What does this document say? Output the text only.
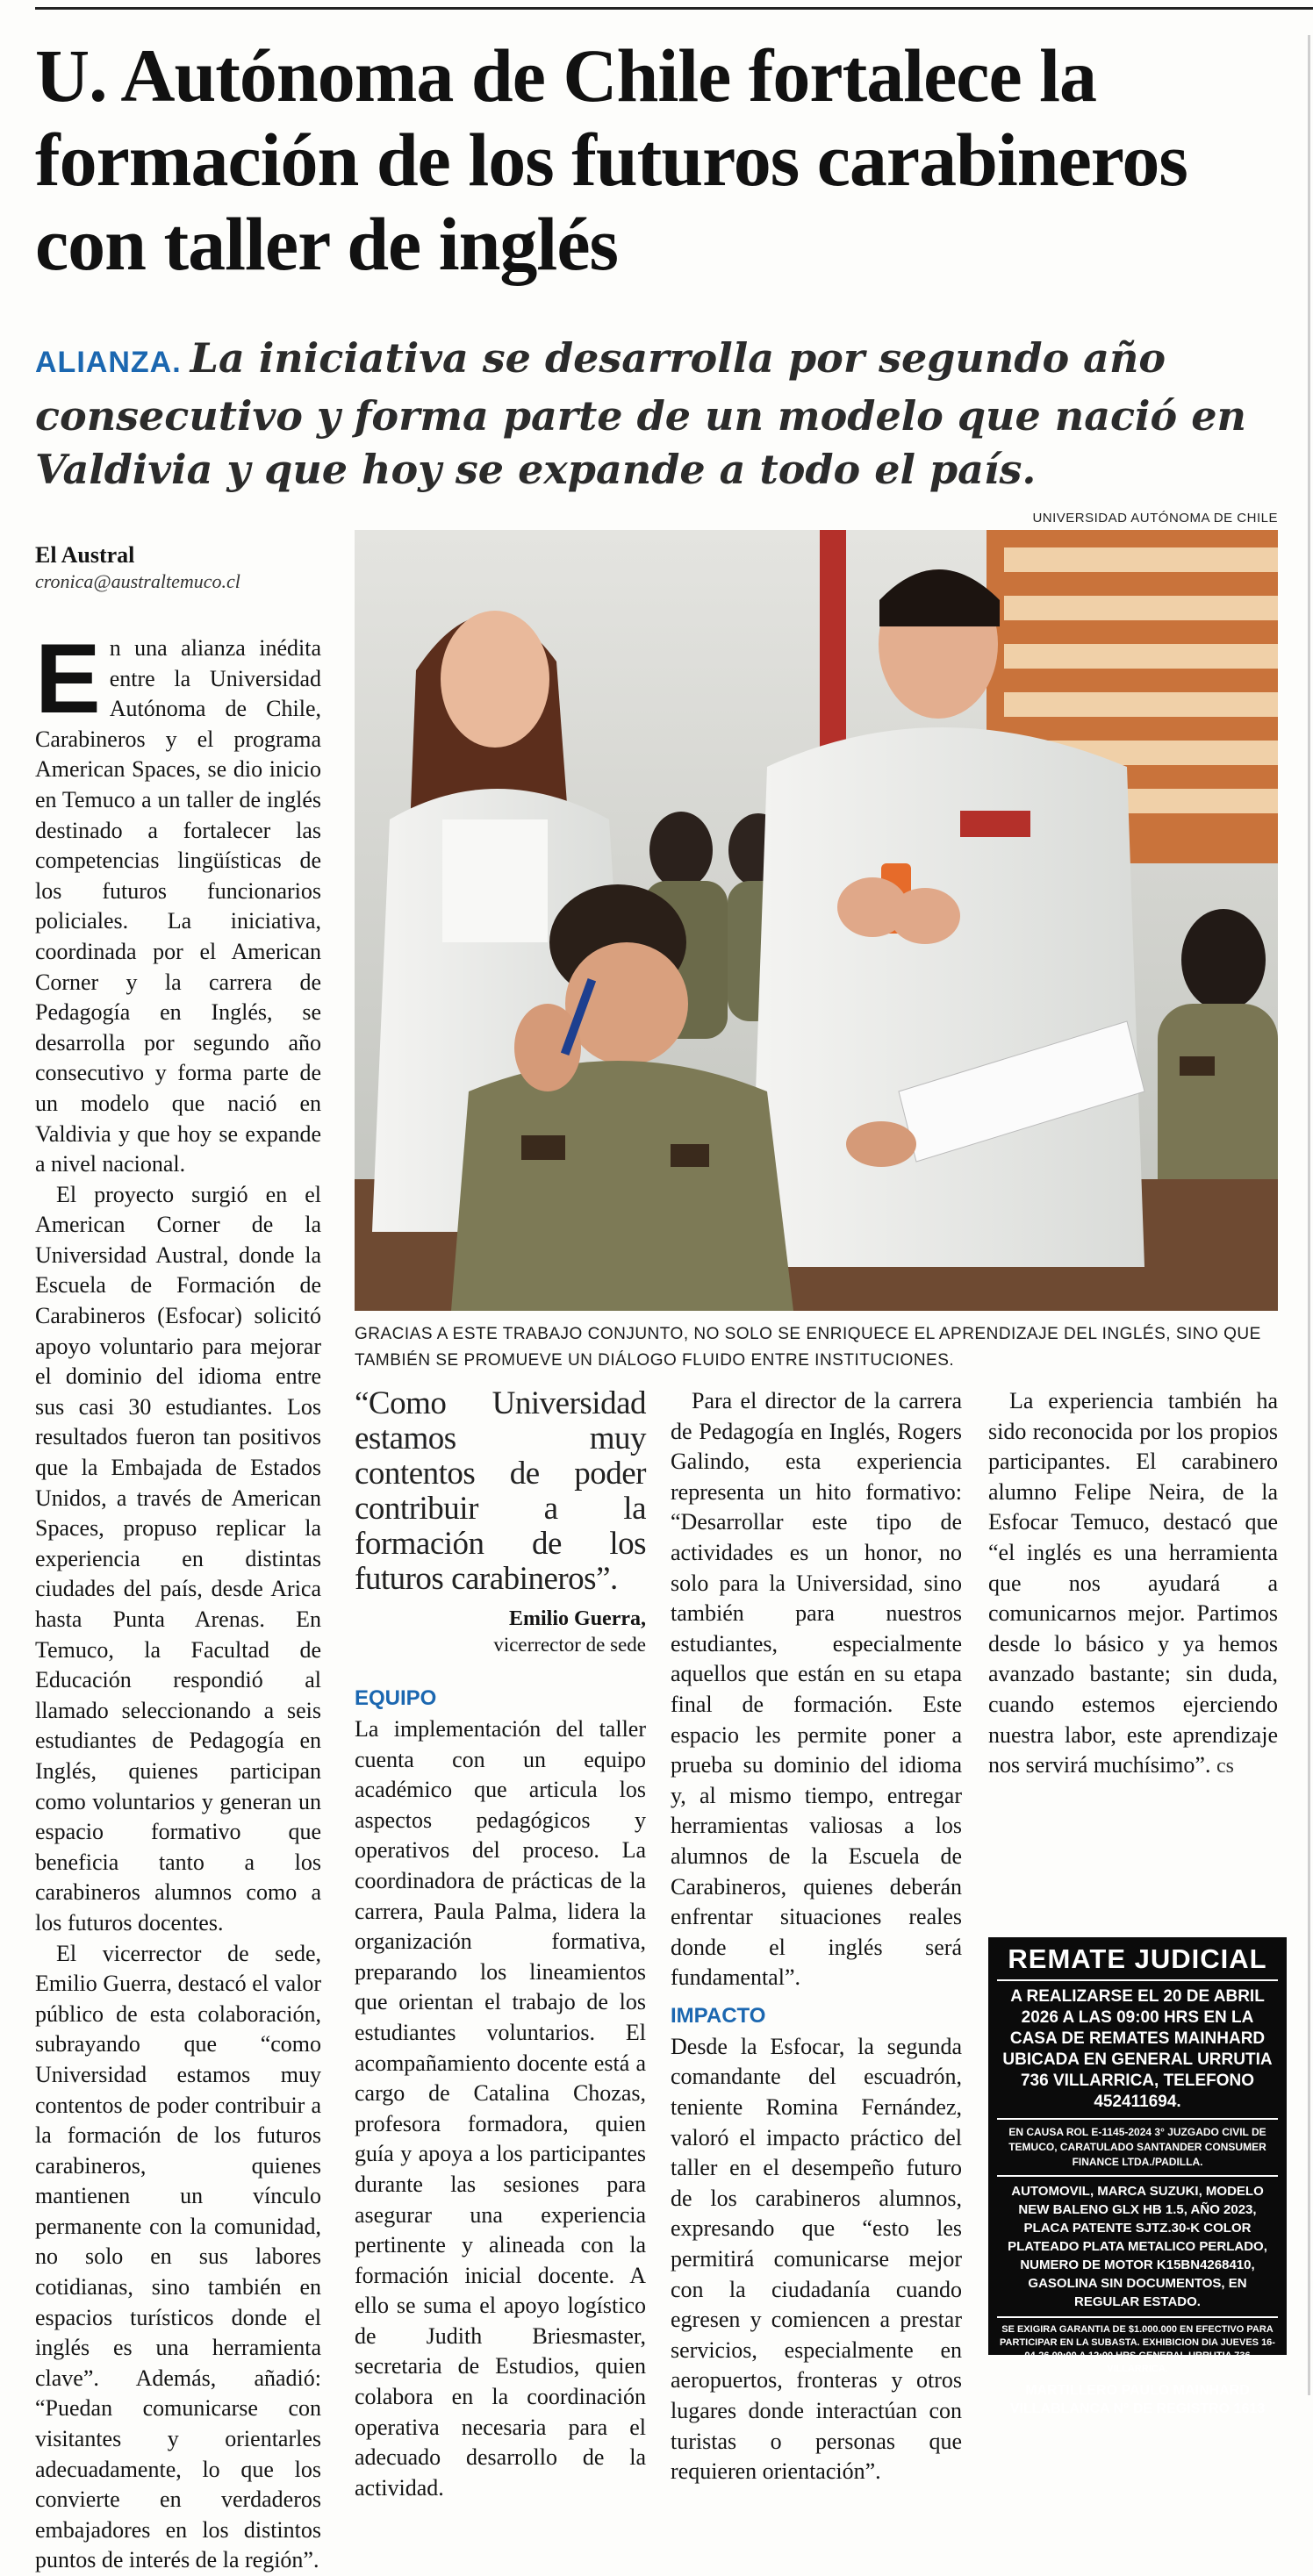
U. Autónoma de Chile fortalece la formación de los futuros carabineros con taller de inglés
ALIANZA. La iniciativa se desarrolla por segundo año consecutivo y forma parte de un modelo que nació en Valdivia y que hoy se expande a todo el país.
El Austral
cronica@australtemuco.cl
UNIVERSIDAD AUTÓNOMA DE CHILE
GRACIAS A ESTE TRABAJO CONJUNTO, NO SOLO SE ENRIQUECE EL APRENDIZAJE DEL INGLÉS, SINO QUE TAMBIÉN SE PROMUEVE UN DIÁLOGO FLUIDO ENTRE INSTITUCIONES.

En una alianza inédita entre la Universidad Autónoma de Chile, Carabineros y el programa American Spaces, se dio inicio en Temuco a un taller de inglés destinado a fortalecer las competencias lingüísticas de los futuros funcionarios policiales. La iniciativa, coordinada por el American Corner y la carrera de Pedagogía en Inglés, se desarrolla por segundo año consecutivo y forma parte de un modelo que nació en Valdivia y que hoy se expande a nivel nacional.

El proyecto surgió en el American Corner de la Universidad Austral, donde la Escuela de Formación de Carabineros (Esfocar) solicitó apoyo voluntario para mejorar el dominio del idioma entre sus casi 30 estudiantes. Los resultados fueron tan positivos que la Embajada de Estados Unidos, a través de American Spaces, propuso replicar la experiencia en distintas ciudades del país, desde Arica hasta Punta Arenas. En Temuco, la Facultad de Educación respondió al llamado seleccionando a seis estudiantes de Pedagogía en Inglés, quienes participan como voluntarios y generan un espacio formativo que beneficia tanto a los carabineros alumnos como a los futuros docentes.

El vicerrector de sede, Emilio Guerra, destacó el valor público de esta colaboración, subrayando que “como Universidad estamos muy contentos de poder contribuir a la formación de los futuros carabineros, quienes mantienen un vínculo permanente con la comunidad, no solo en sus labores cotidianas, sino también en espacios turísticos donde el inglés es una herramienta clave”. Además, añadió: “Puedan comunicarse con visitantes y orientarles adecuadamente, lo que los convierte en verdaderos embajadores en los distintos puntos de interés de la región”.

“Como Universidad estamos muy contentos de poder contribuir a la formación de los futuros carabineros”.
Emilio Guerra,
vicerrector de sede
EQUIPO

La implementación del taller cuenta con un equipo académico que articula los aspectos pedagógicos y operativos del proceso. La coordinadora de prácticas de la carrera, Paula Palma, lidera la organización formativa, preparando los lineamientos que orientan el trabajo de los estudiantes voluntarios. El acompañamiento docente está a cargo de Catalina Chozas, profesora formadora, quien guía y apoya a los participantes durante las sesiones para asegurar una experiencia pertinente y alineada con la formación inicial docente. A ello se suma el apoyo logístico de Judith Briesmaster, secretaria de Estudios, quien colabora en la coordinación operativa necesaria para el adecuado desarrollo de la actividad.

Para el director de la carrera de Pedagogía en Inglés, Rogers Galindo, esta experiencia representa un hito formativo: “Desarrollar este tipo de actividades es un honor, no solo para la Universidad, sino también para nuestros estudiantes, especialmente aquellos que están en su etapa final de formación. Este espacio les permite poner a prueba su dominio del idioma y, al mismo tiempo, entregar herramientas valiosas a los alumnos de la Escuela de Carabineros, quienes deberán enfrentar situaciones reales donde el inglés será fundamental”.

IMPACTO

Desde la Esfocar, la segunda comandante del escuadrón, teniente Romina Fernández, valoró el impacto práctico del taller en el desempeño futuro de los carabineros alumnos, expresando que “esto les permitirá comunicarse mejor con la ciudadanía cuando egresen y comiencen a prestar servicios, especialmente en aeropuertos, fronteras y otros lugares donde interactúan con turistas o personas que requieren orientación”.

La experiencia también ha sido reconocida por los propios participantes. El carabinero alumno Felipe Neira, de la Esfocar Temuco, destacó que “el inglés es una herramienta que nos ayudará a comunicarnos mejor. Partimos desde lo básico y ya hemos avanzado bastante; sin duda, cuando estemos ejerciendo nuestra labor, este aprendizaje nos servirá muchísimo”. cs

REMATE JUDICIAL
A REALIZARSE EL 20 DE ABRIL 2026 A LAS 09:00 HRS EN LA CASA DE REMATES MAINHARD UBICADA EN GENERAL URRUTIA 736 VILLARRICA, TELEFONO 452411694.
EN CAUSA ROL E-1145-2024 3° JUZGADO CIVIL DE TEMUCO, CARATULADO SANTANDER CONSUMER FINANCE LTDA./PADILLA.
AUTOMOVIL, MARCA SUZUKI, MODELO NEW BALENO GLX HB 1.5, AÑO 2023, PLACA PATENTE SJTZ.30-K COLOR PLATEADO PLATA METALICO PERLADO, NUMERO DE MOTOR K15BN4268410, GASOLINA SIN DOCUMENTOS, EN REGULAR ESTADO.
SE EXIGIRA GARANTIA DE $1.000.000 EN EFECTIVO PARA PARTICIPAR EN LA SUBASTA. EXHIBICION DIA JUEVES 16-04-26 09:00 A 12:00 HRS GENERAL URRUTIA 736 VILLARRICA.
MARTILLERO PAULO MAINHARD VILLABLANCA N° DE REGISTRO 1613
